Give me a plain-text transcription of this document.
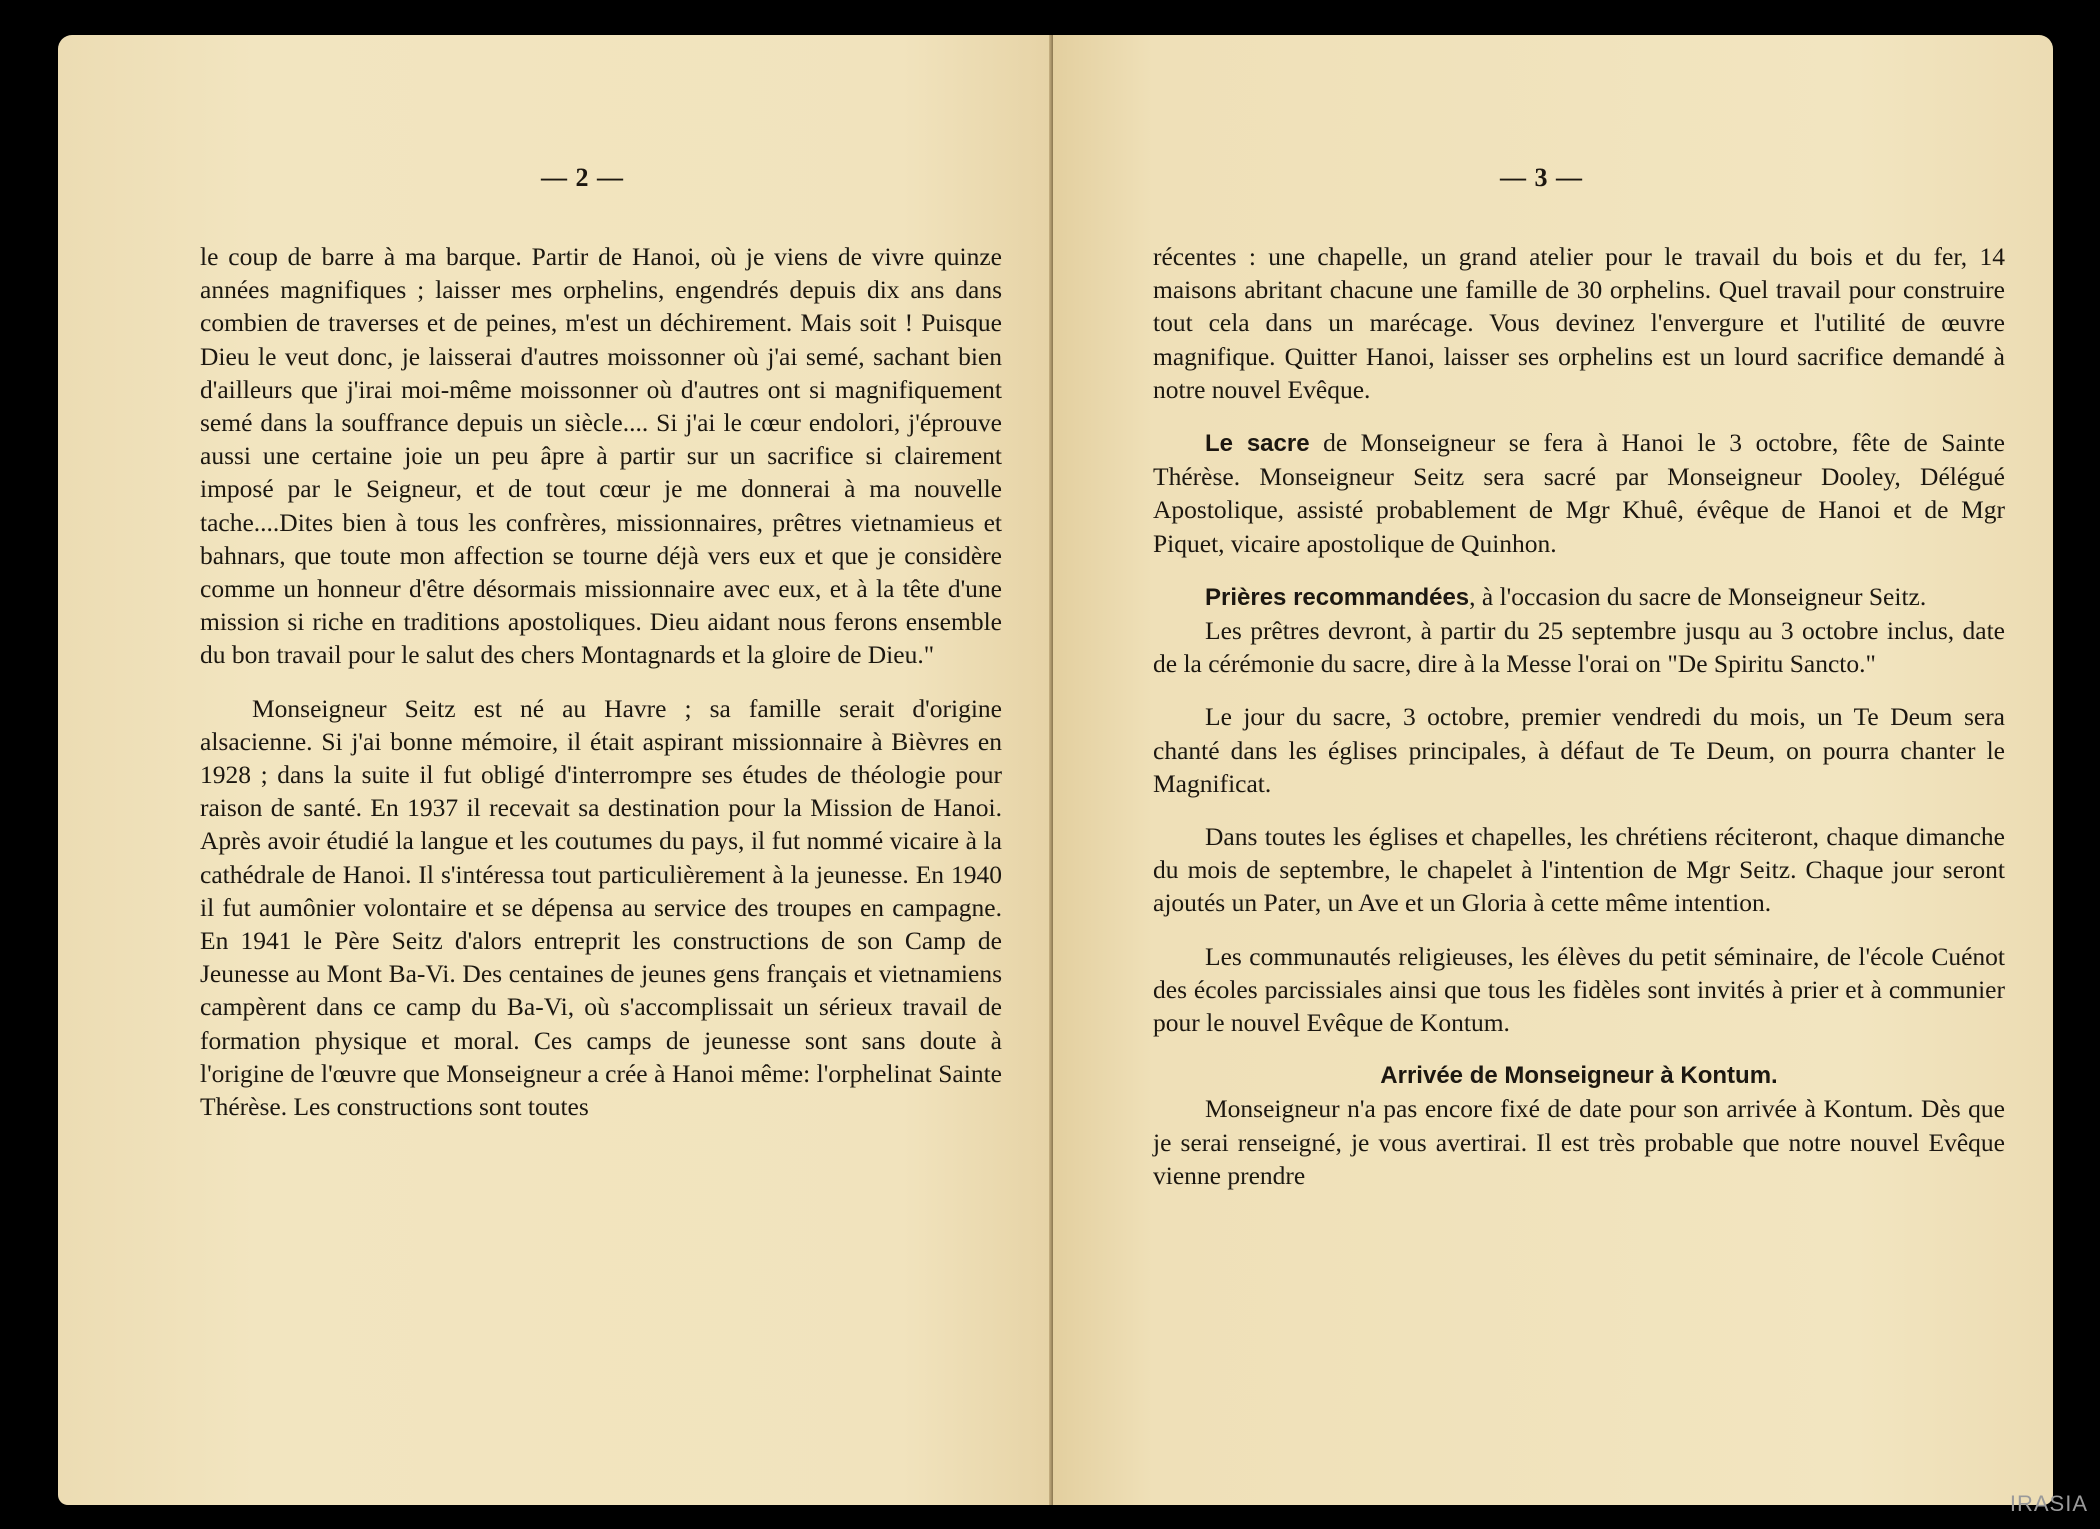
— 2 —

le coup de barre à ma barque. Partir de Hanoi, où je viens de vivre quinze années magnifiques ; laisser mes orphelins, engendrés depuis dix ans dans combien de traverses et de peines, m'est un déchirement. Mais soit ! Puisque Dieu le veut donc, je laisserai d'autres moissonner où j'ai semé, sachant bien d'ailleurs que j'irai moi-même moissonner où d'autres ont si magnifiquement semé dans la souffrance depuis un siècle.... Si j'ai le cœur endolori, j'éprouve aussi une certaine joie un peu âpre à partir sur un sacrifice si clairement imposé par le Seigneur, et de tout cœur je me donnerai à ma nouvelle tache....Dites bien à tous les confrères, missionnaires, prêtres vietnamieus et bahnars, que toute mon affection se tourne déjà vers eux et que je considère comme un honneur d'être désormais missionnaire avec eux, et à la tête d'une mission si riche en traditions apostoliques. Dieu aidant nous ferons ensemble du bon travail pour le salut des chers Montagnards et la gloire de Dieu."

Monseigneur Seitz est né au Havre ; sa famille serait d'origine alsacienne. Si j'ai bonne mémoire, il était aspirant missionnaire à Bièvres en 1928 ; dans la suite il fut obligé d'interrompre ses études de théologie pour raison de santé. En 1937 il recevait sa destination pour la Mission de Hanoi. Après avoir étudié la langue et les coutumes du pays, il fut nommé vicaire à la cathédrale de Hanoi. Il s'intéressa tout particulièrement à la jeunesse. En 1940 il fut aumônier volontaire et se dépensa au service des troupes en campagne. En 1941 le Père Seitz d'alors entreprit les constructions de son Camp de Jeunesse au Mont Ba-Vi. Des centaines de jeunes gens français et vietnamiens campèrent dans ce camp du Ba-Vi, où s'accomplissait un sérieux travail de formation physique et moral. Ces camps de jeunesse sont sans doute à l'origine de l'œuvre que Monseigneur a crée à Hanoi même: l'orphelinat Sainte Thérèse. Les constructions sont toutes

— 3 —

récentes : une chapelle, un grand atelier pour le travail du bois et du fer, 14 maisons abritant chacune une famille de 30 orphelins. Quel travail pour construire tout cela dans un marécage. Vous devinez l'envergure et l'utilité de œuvre magnifique. Quitter Hanoi, laisser ses orphelins est un lourd sacrifice demandé à notre nouvel Evêque.

Le sacre de Monseigneur se fera à Hanoi le 3 octobre, fête de Sainte Thérèse. Monseigneur Seitz sera sacré par Monseigneur Dooley, Délégué Apostolique, assisté probablement de Mgr Khuê, évêque de Hanoi et de Mgr Piquet, vicaire apostolique de Quinhon.

Prières recommandées, à l'occasion du sacre de Monseigneur Seitz.

Les prêtres devront, à partir du 25 septembre jusqu au 3 octobre inclus, date de la cérémonie du sacre, dire à la Messe l'orai on "De Spiritu Sancto."

Le jour du sacre, 3 octobre, premier vendredi du mois, un Te Deum sera chanté dans les églises principales, à défaut de Te Deum, on pourra chanter le Magnificat.

Dans toutes les églises et chapelles, les chrétiens réciteront, chaque dimanche du mois de septembre, le chapelet à l'intention de Mgr Seitz. Chaque jour seront ajoutés un Pater, un Ave et un Gloria à cette même intention.

Les communautés religieuses, les élèves du petit séminaire, de l'école Cuénot des écoles parcissiales ainsi que tous les fidèles sont invités à prier et à communier pour le nouvel Evêque de Kontum.

Arrivée de Monseigneur à Kontum.

Monseigneur n'a pas encore fixé de date pour son arrivée à Kontum. Dès que je serai renseigné, je vous avertirai. Il est très probable que notre nouvel Evêque vienne prendre

IRASIA
